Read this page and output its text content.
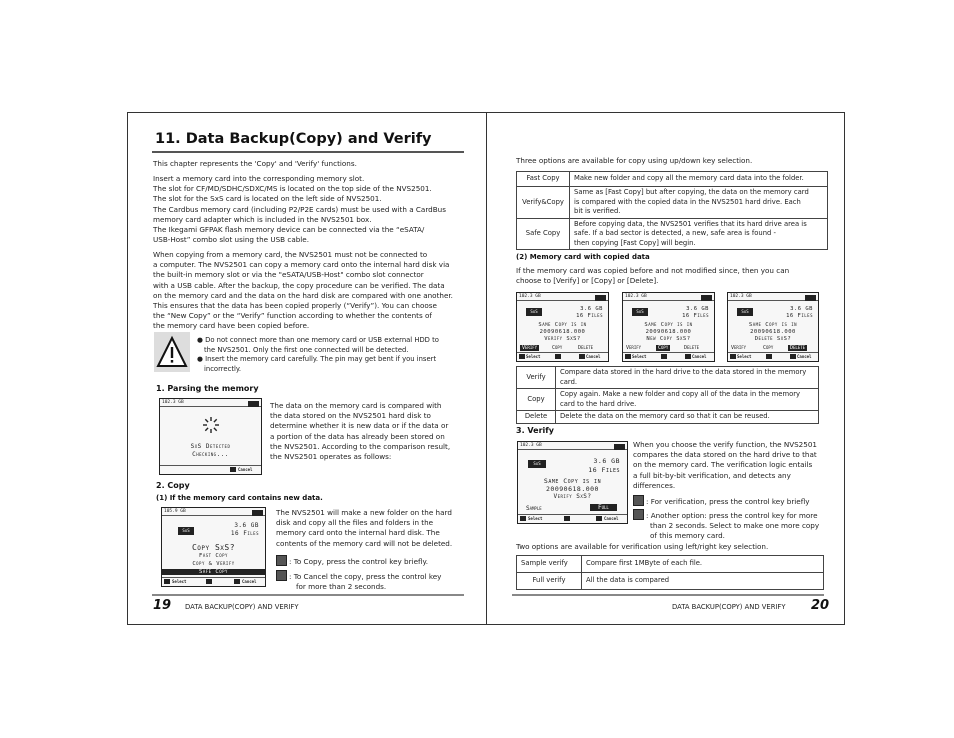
11. Data Backup(Copy) and Verify
This chapter represents the 'Copy' and 'Verify' functions.
Insert a memory card into the corresponding memory slot.
The slot for CF/MD/SDHC/SDXC/MS is located on the top side of the NVS2501.
The slot for the SxS card is located on the left side of NVS2501.
The Cardbus memory card (including P2/P2E cards) must be used with a CardBus
memory card adapter which is included in the NVS2501 box.
The Ikegami GFPAK flash memory device can be connected via the “eSATA/
USB-Host” combo slot using the USB cable.
When copying from a memory card, the NVS2501 must not be connected to
a computer. The NVS2501 can copy a memory card onto the internal hard disk via
the built-in memory slot or via the "eSATA/USB-Host" combo slot connector
with a USB cable. After the backup, the copy procedure can be verified. The data
on the memory card and the data on the hard disk are compared with one another.
This ensures that the data has been copied properly (“Verify”). You can choose
the “New Copy” or the “Verify” function according to whether the contents of
the memory card have been copied before.
● Do not connect more than one memory card or USB external HDD to
the NVS2501. Only the first one connected will be detected.
● Insert the memory card carefully. The pin may get bent if you insert
incorrectly.
1. Parsing the memory
102.3 GB
SxS Detected
Checking...
Cancel
The data on the memory card is compared with
the data stored on the NVS2501 hard disk to
determine whether it is new data or if the data or
a portion of the data has already been stored on
the NVS2501. According to the comparison result,
the NVS2501 operates as follows:
2. Copy
(1) If the memory card contains new data.
105.9 GB
SxS
3.6 GB
16 Files
Copy SxS?
Fast Copy
Copy & Verify
Safe Copy
Select	Cancel
The NVS2501 will make a new folder on the hard
disk and copy all the files and folders in the
memory card onto the internal hard disk. The
contents of the memory card will not be deleted.
: To Copy, press the control key briefly.
: To Cancel the copy, press the control key
for more than 2 seconds.
19 DATA BACKUP(COPY) AND VERIFY
Three options are available for copy using up/down key selection.
Fast Copy	Make new folder and copy all the memory card data into the folder.

Verify&Copy	Same as [Fast Copy] but after copying, the data on the memory card
is compared with the copied data in the NVS2501 hard drive. Each
bit is verified.

Safe Copy	Before copying data, the NVS2501 verifies that its hard drive area is
safe. If a bad sector is detected, a new, safe area is found -
then copying [Fast Copy] will begin.
(2) Memory card with copied data
If the memory card was copied before and not modified since, then you can
choose to [Verify] or [Copy] or [Delete].
102.3 GB
SxS	3.6 GB
16 Files
Same Copy is in
20090618.000
Verify SxS?
Verify	Copy	Delete
Select	Cancel
102.3 GB
SxS	3.6 GB
16 Files
Same Copy is in
20090618.000
New Copy SxS?
Verify	Copy	Delete
Select	Cancel
102.3 GB
SxS	3.6 GB
16 Files
Same Copy is in
20090618.000
Delete SxS?
Verify	Copy	Delete
Select	Cancel
Verify	Compare data stored in the hard drive to the data stored in the memory
card.

Copy	Copy again. Make a new folder and copy all of the data in the memory
card to the hard drive.

Delete	Delete the data on the memory card so that it can be reused.
3. Verify
102.3 GB
SxS	3.6 GB
16 Files
Same Copy is in
20090618.000
Verify SxS?
Sample	Full
Select	Cancel
When you choose the verify function, the NVS2501
compares the data stored on the hard drive to that
on the memory card. The verification logic entails
a full bit-by-bit verification, and detects any
differences.
: For verification, press the control key briefly
: Another option: press the control key for more
than 2 seconds. Select to make one more copy
of this memory card.
Two options are available for verification using left/right key selection.
Sample verify	Compare first 1MByte of each file.
Full verify	All the data is compared
DATA BACKUP(COPY) AND VERIFY 20
